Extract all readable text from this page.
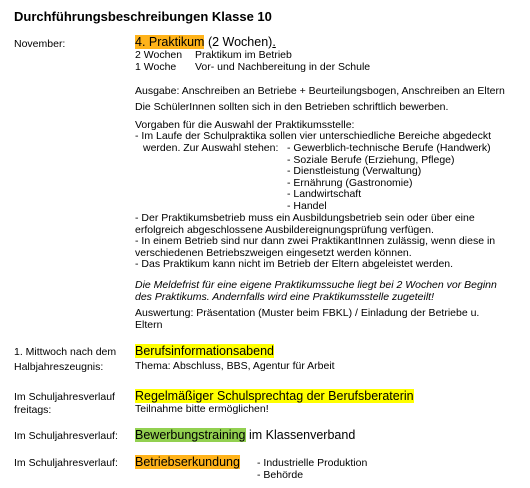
Durchführungsbeschreibungen Klasse 10
November:	4. Praktikum (2 Wochen).
2 Wochen Praktikum im Betrieb
1 Woche Vor- und Nachbereitung in der Schule
Ausgabe: Anschreiben an Betriebe + Beurteilungsbogen, Anschreiben an Eltern
Die SchülerInnen sollten sich in den Betrieben schriftlich bewerben.
Vorgaben für die Auswahl der Praktikumsstelle:
- Im Laufe der Schulpraktika sollen vier unterschiedliche Bereiche abgedeckt
werden. Zur Auswahl stehen: - Gewerblich-technische Berufe (Handwerk)
- Soziale Berufe (Erziehung, Pflege)
- Dienstleistung (Verwaltung)
- Ernährung (Gastronomie)
- Landwirtschaft
- Handel
- Der Praktikumsbetrieb muss ein Ausbildungsbetrieb sein oder über eine
erfolgreich abgeschlossene Ausbildereignungsprüfung verfügen.
- In einem Betrieb sind nur dann zwei PraktikantInnen zulässig, wenn diese in
verschiedenen Betriebszweigen eingesetzt werden können.
- Das Praktikum kann nicht im Betrieb der Eltern abgeleistet werden.
Die Meldefrist für eine eigene Praktikumssuche liegt bei 2 Wochen vor Beginn
des Praktikums. Andernfalls wird eine Praktikumsstelle zugeteilt!
Auswertung: Präsentation (Muster beim FBKL) / Einladung der Betriebe u.
Eltern
1. Mittwoch nach dem
Halbjahreszeugnis:
Berufsinformationsabend
Thema: Abschluss, BBS, Agentur für Arbeit
Im Schuljahresverlauf
freitags:
Regelmäßiger Schulsprechtag der Berufsberaterin
Teilnahme bitte ermöglichen!
Im Schuljahresverlauf: Bewerbungstraining im Klassenverband
Im Schuljahresverlauf: Betriebserkundung - Industrielle Produktion
- Behörde
